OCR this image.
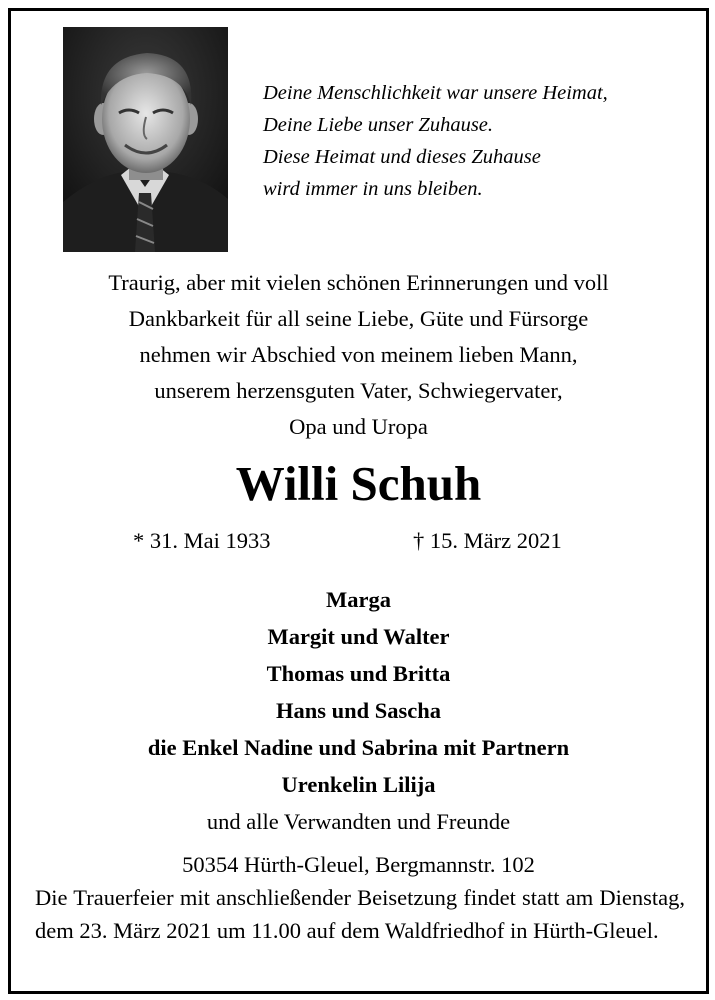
Deine Menschlichkeit war unsere Heimat,
Deine Liebe unser Zuhause.
Diese Heimat und dieses Zuhause
wird immer in uns bleiben.
Traurig, aber mit vielen schönen Erinnerungen und voll
Dankbarkeit für all seine Liebe, Güte und Fürsorge
nehmen wir Abschied von meinem lieben Mann,
unserem herzensguten Vater, Schwiegervater,
Opa und Uropa
Willi Schuh
* 31. Mai 1933	† 15. März 2021
Marga
Margit und Walter
Thomas und Britta
Hans und Sascha
die Enkel Nadine und Sabrina mit Partnern
Urenkelin Lilija
und alle Verwandten und Freunde
50354 Hürth-Gleuel, Bergmannstr. 102
Die Trauerfeier mit anschließender Beisetzung findet statt am Dienstag, dem 23. März 2021 um 11.00 auf dem Waldfriedhof in Hürth-Gleuel.
